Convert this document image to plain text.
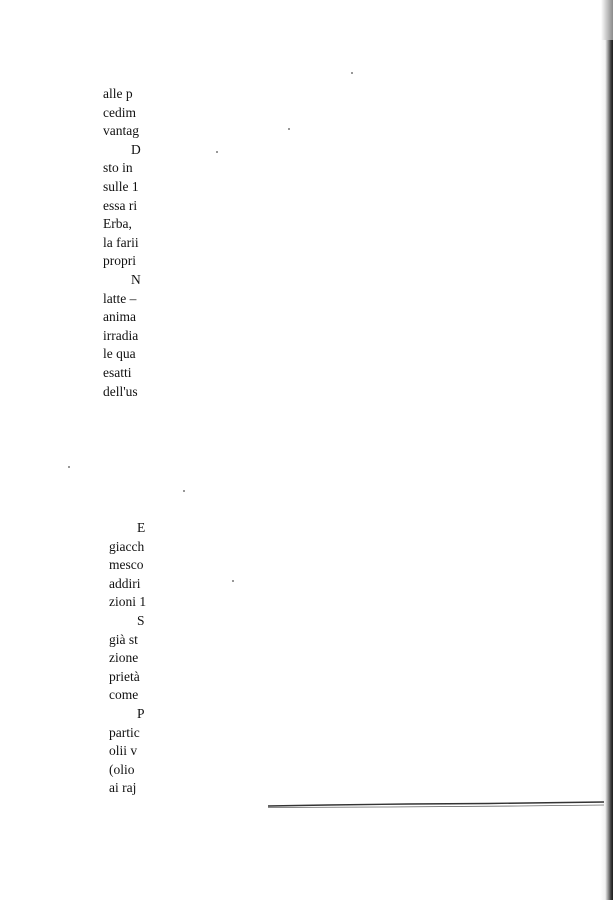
alle p
cedim
vantag
D
sto in
sulle 1
essa ri
Erba,
la farii
propri
N
latte –
anima
irradia
le qua
esatti
dell'us
E
giacch
mesco
addiri
zioni 1
S
già st
zione
prietà
come
P
partic
olii v
(olio
ai raj
